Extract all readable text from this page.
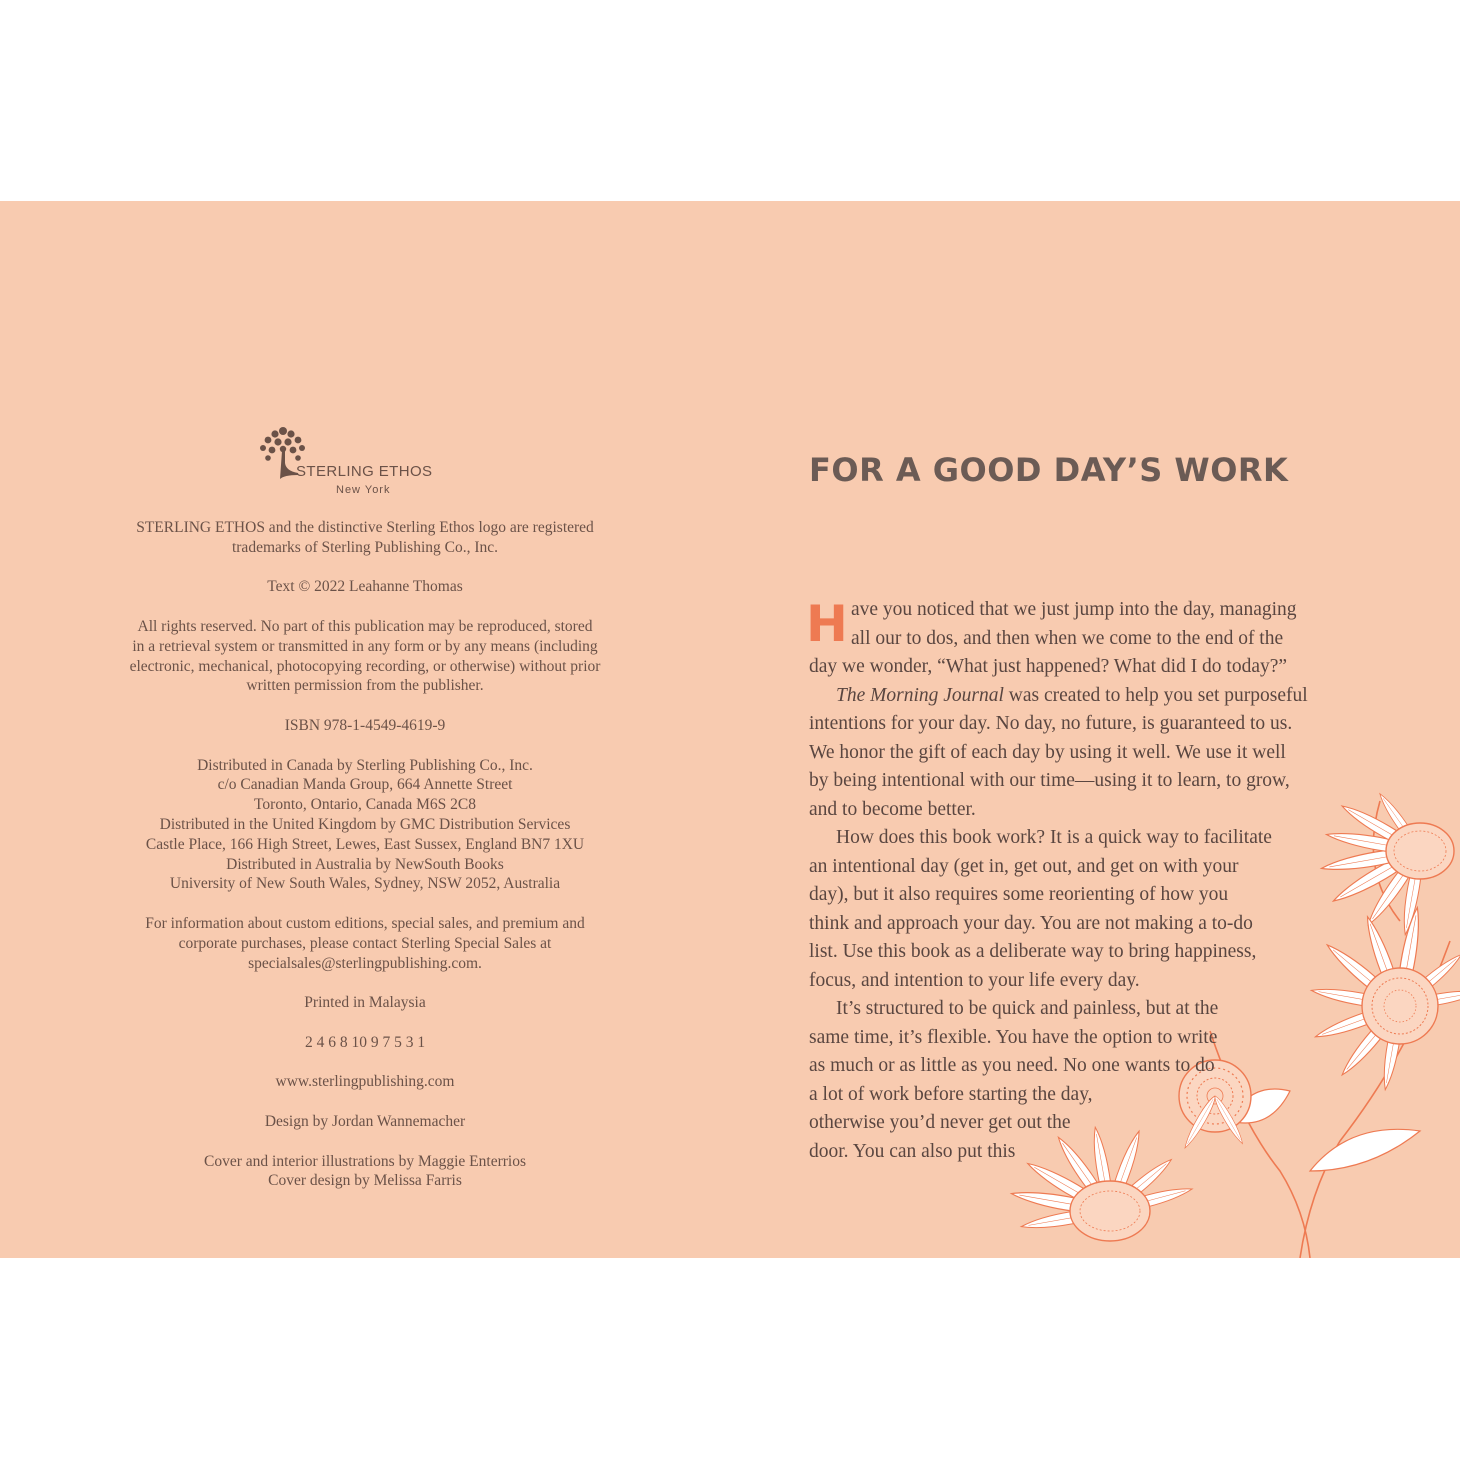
STERLING ETHOS
New York

STERLING ETHOS and the distinctive Sterling Ethos logo are registered
trademarks of Sterling Publishing Co., Inc.

Text © 2022 Leahanne Thomas

All rights reserved. No part of this publication may be reproduced, stored
in a retrieval system or transmitted in any form or by any means (including
electronic, mechanical, photocopying recording, or otherwise) without prior
written permission from the publisher.

ISBN 978-1-4549-4619-9

Distributed in Canada by Sterling Publishing Co., Inc.
c/o Canadian Manda Group, 664 Annette Street
Toronto, Ontario, Canada M6S 2C8
Distributed in the United Kingdom by GMC Distribution Services
Castle Place, 166 High Street, Lewes, East Sussex, England BN7 1XU
Distributed in Australia by NewSouth Books
University of New South Wales, Sydney, NSW 2052, Australia

For information about custom editions, special sales, and premium and
corporate purchases, please contact Sterling Special Sales at
specialsales@sterlingpublishing.com.

Printed in Malaysia

2 4 6 8 10 9 7 5 3 1

www.sterlingpublishing.com

Design by Jordan Wannemacher

Cover and interior illustrations by Maggie Enterrios
Cover design by Melissa Farris

FOR A GOOD DAY’S WORK
H ave you noticed that we just jump into the day, managing
all our to dos, and then when we come to the end of the
day we wonder, “What just happened? What did I do today?”
The Morning Journal was created to help you set purposeful
intentions for your day. No day, no future, is guaranteed to us.
We honor the gift of each day by using it well. We use it well
by being intentional with our time—using it to learn, to grow,
and to become better.
How does this book work? It is a quick way to facilitate
an intentional day (get in, get out, and get on with your
day), but it also requires some reorienting of how you
think and approach your day. You are not making a to-do
list. Use this book as a deliberate way to bring happiness,
focus, and intention to your life every day.
It’s structured to be quick and painless, but at the
same time, it’s flexible. You have the option to write
as much or as little as you need. No one wants to do
a lot of work before starting the day,
otherwise you’d never get out the
door. You can also put this
